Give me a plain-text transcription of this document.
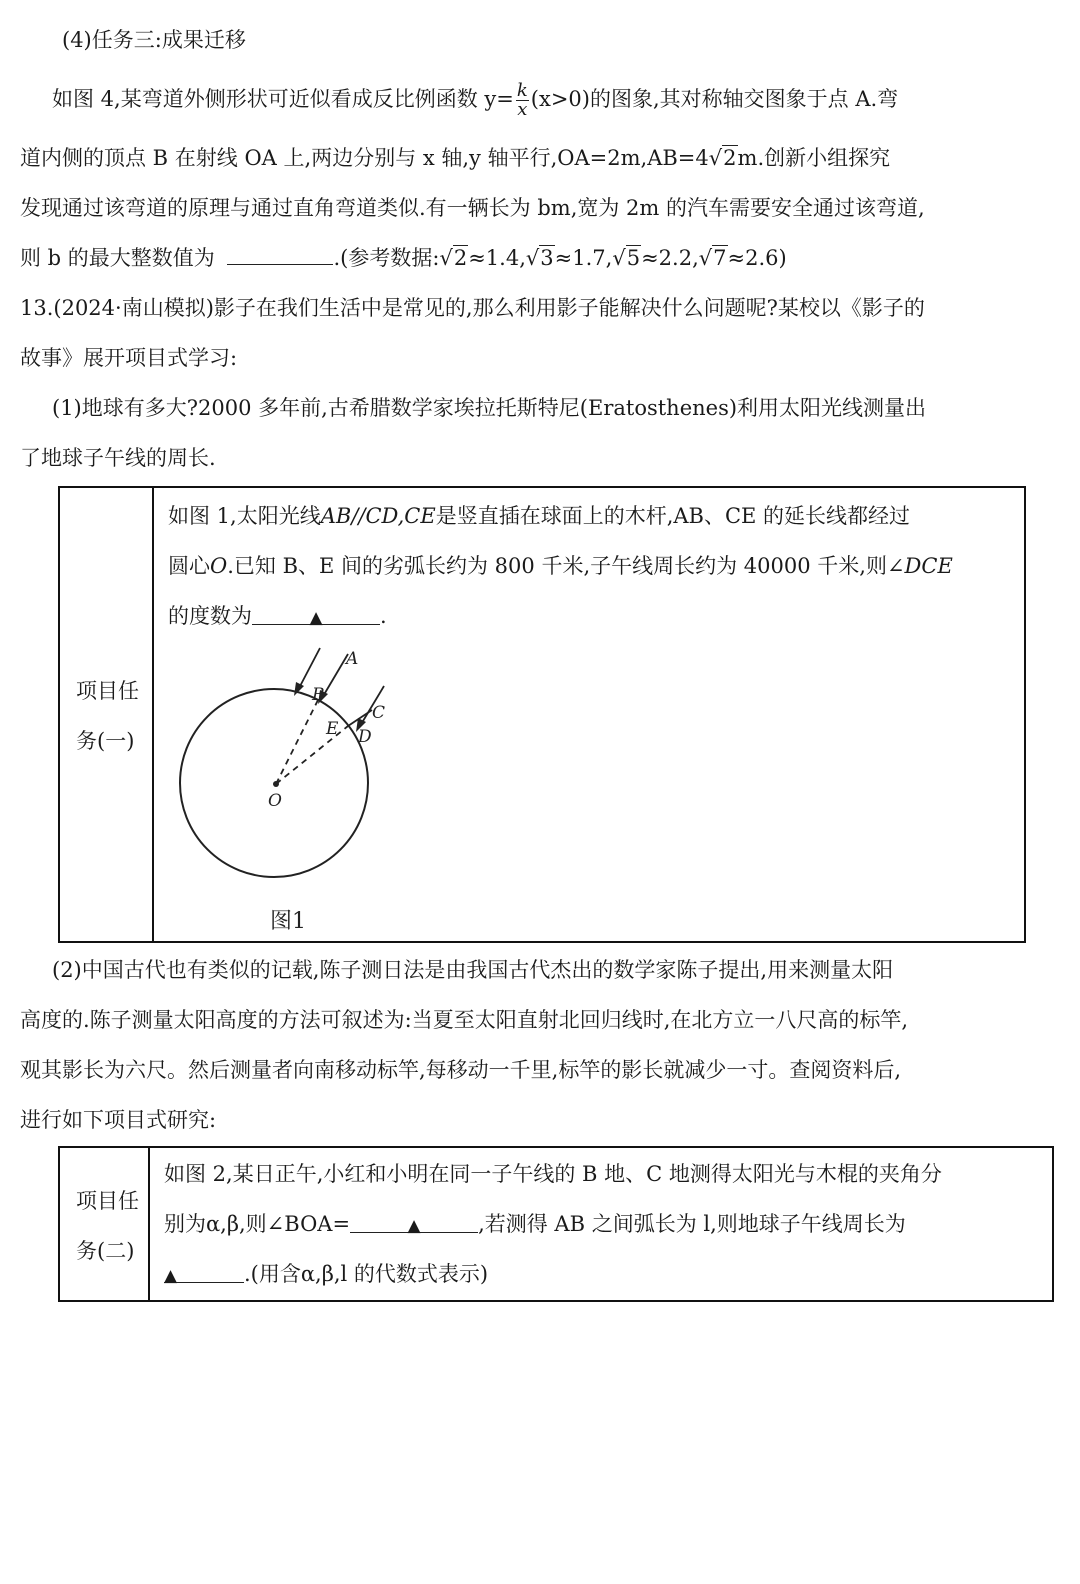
(4)任务三:成果迁移
如图 4,某弯道外侧形状可近似看成反比例函数 $y= \frac{k}{x} (x>0)$的图象,其对称轴交图象于点 A.弯
道内侧的顶点 B 在射线 OA 上,两边分别与 x 轴,y 轴平行,OA=2m,AB=4√2m.创新小组探究
发现通过该弯道的原理与通过直角弯道类似.有一辆长为 bm,宽为 2m 的汽车需要安全通过该弯道,
则 b 的最大整数值为	.(参考数据:√2≈1.4,√3≈1.7,√5≈2.2,√7≈2.6)
13.(2024·南山模拟)影子在我们生活中是常见的,那么利用影子能解决什么问题呢?某校以《影子的
故事》展开项目式学习:
(1)地球有多大?2000 多年前,古希腊数学家埃拉托斯特尼(Eratosthenes)利用太阳光线测量出
了地球子午线的周长.
项目任
务(一)
如图 1,太阳光线AB//CD,CE是竖直插在球面上的木杆,AB、CE 的延长线都经过
圆心O.已知 B、E 间的劣弧长约为 800 千米,子午线周长约为 40000 千米,则∠DCE
的度数为	▲	.
A
B
C
D
E
O
图1
(2)中国古代也有类似的记载,陈子测日法是由我国古代杰出的数学家陈子提出,用来测量太阳
高度的.陈子测量太阳高度的方法可叙述为:当夏至太阳直射北回归线时,在北方立一八尺高的标竿,
观其影长为六尺。然后测量者向南移动标竿,每移动一千里,标竿的影长就减少一寸。查阅资料后,
进行如下项目式研究:
项目任
务(二)
如图 2,某日正午,小红和小明在同一子午线的 B 地、C 地测得太阳光与木棍的夹角分
别为α,β,则∠BOA=	▲	,若测得 AB 之间弧长为 l,则地球子午线周长为
▲	.(用含α,β,l 的代数式表示)
